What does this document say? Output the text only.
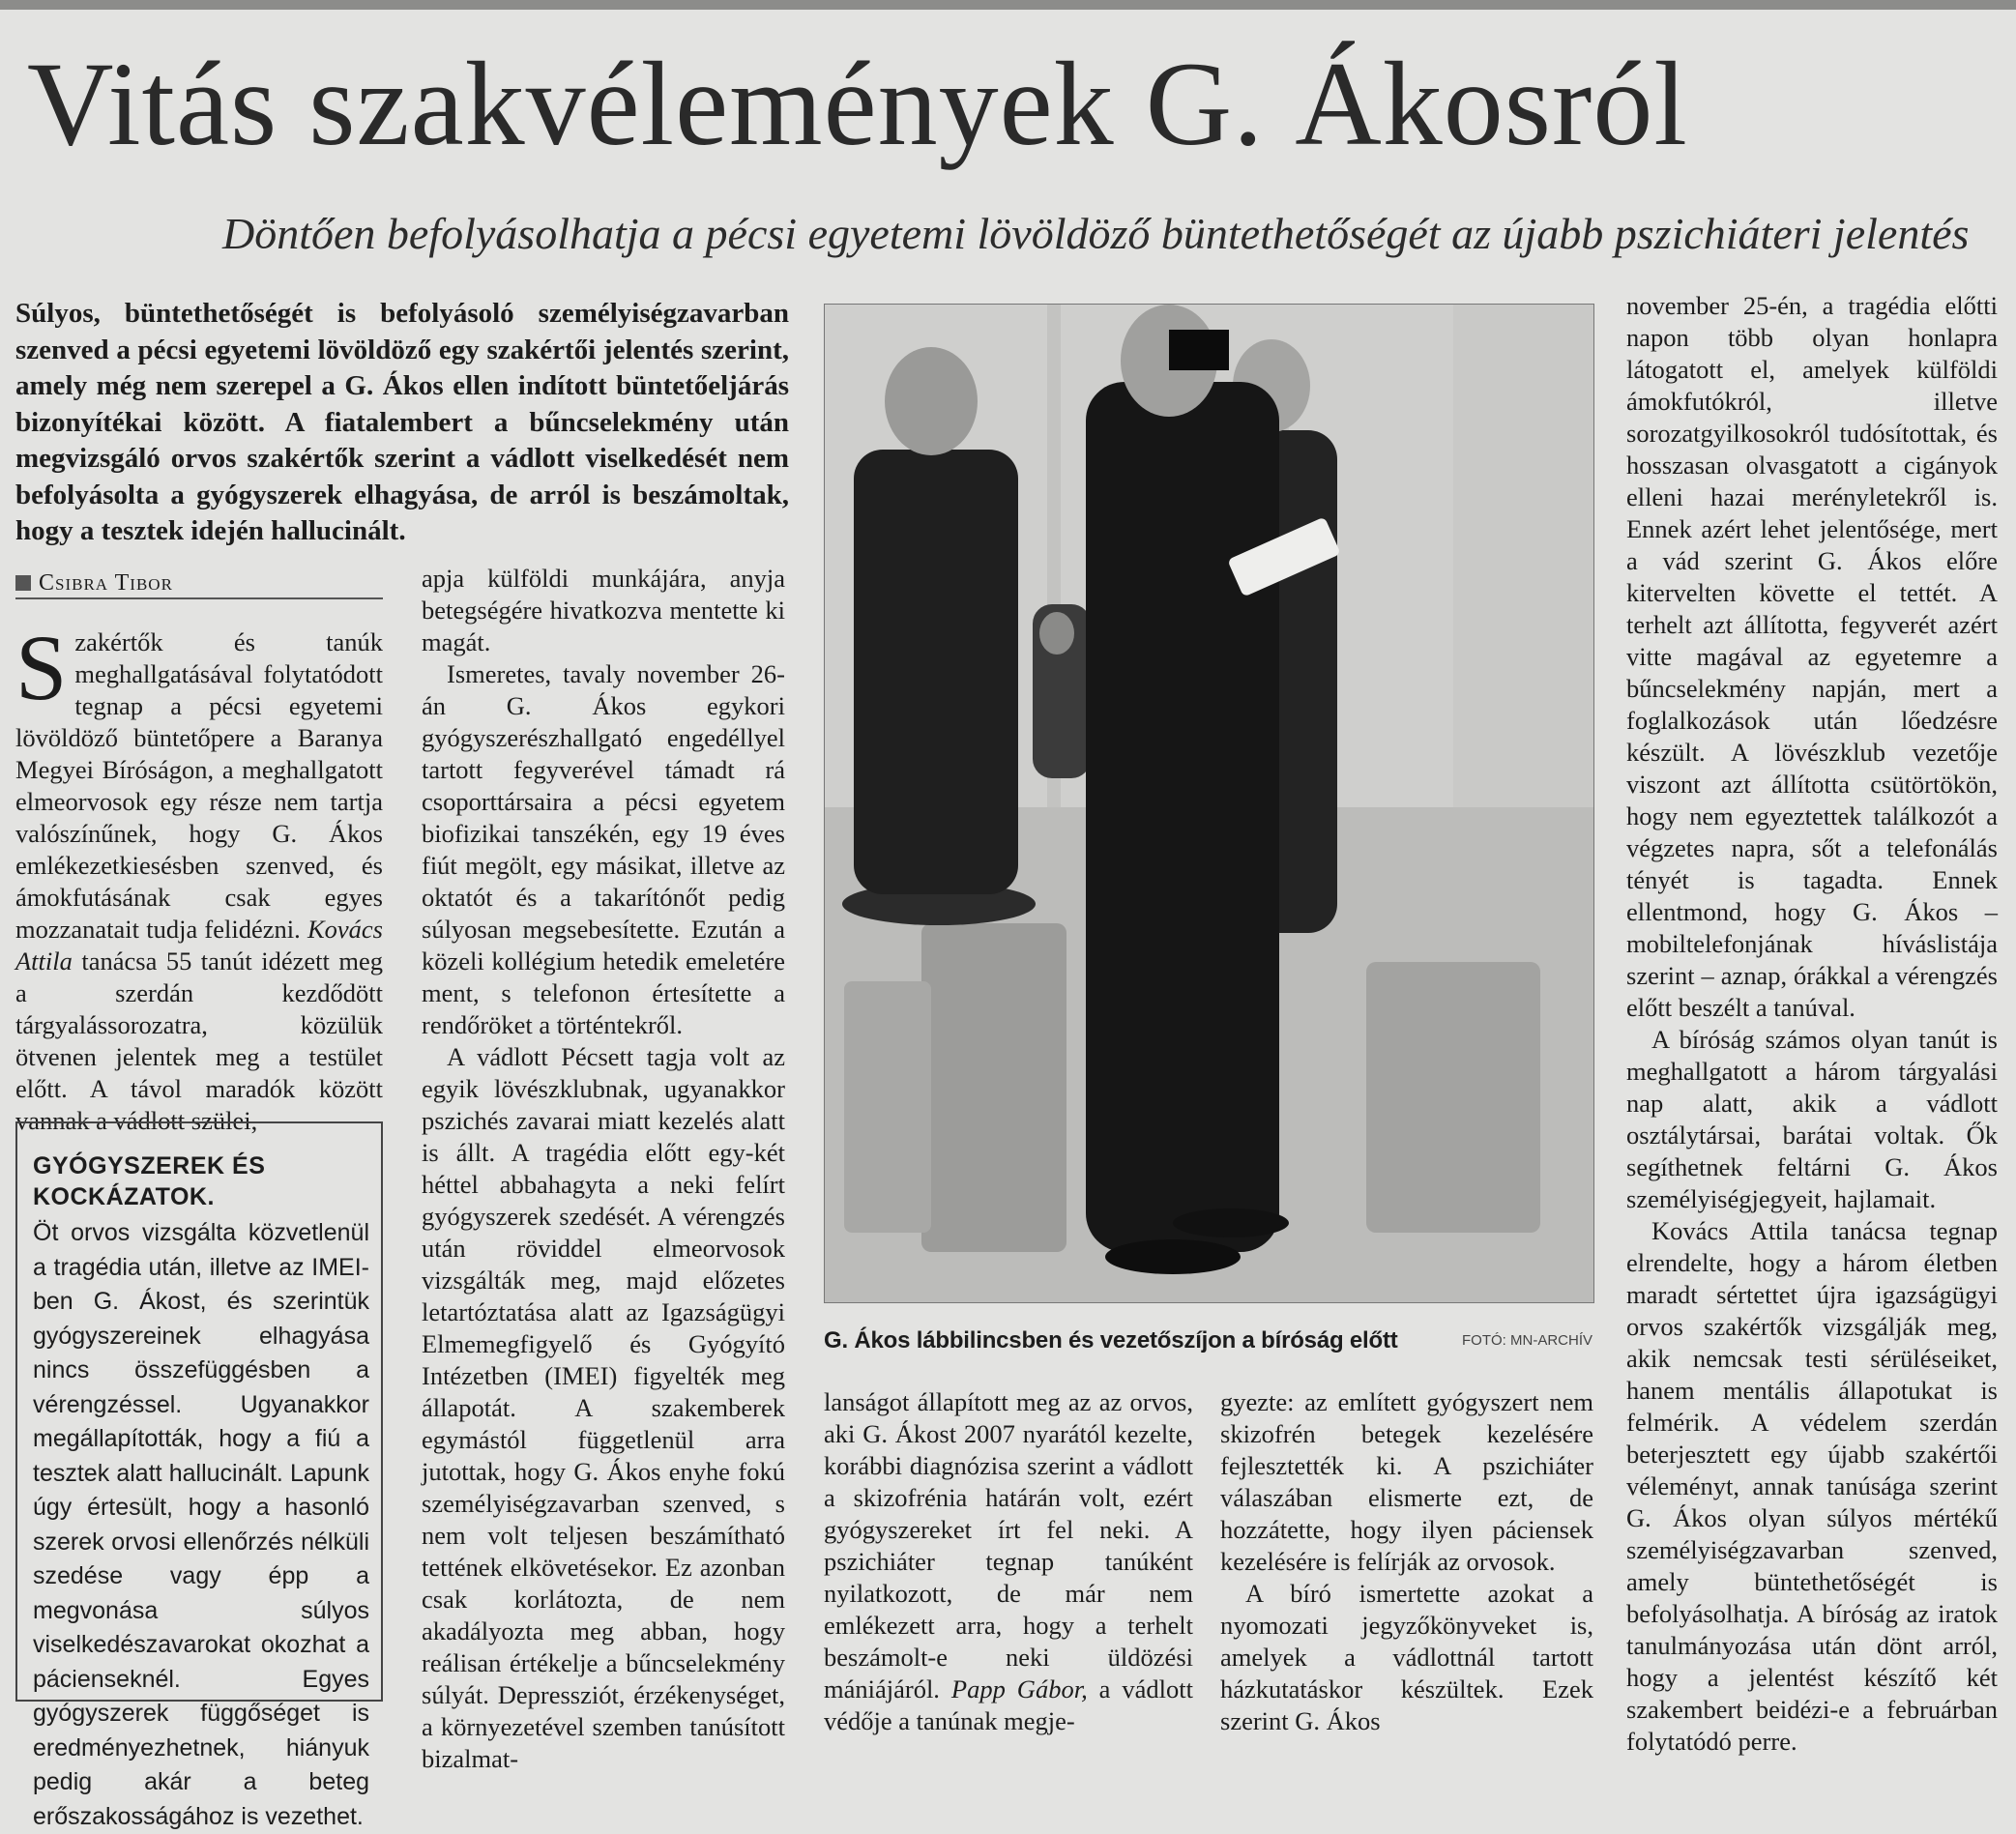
Vitás szakvélemények G. Ákosról
Döntően befolyásolhatja a pécsi egyetemi lövöldöző büntethetőségét az újabb pszichiáteri jelentés
Súlyos, büntethetőségét is befolyásoló személyiségzavarban szenved a pécsi egyetemi lövöldöző egy szakértői jelentés szerint, amely még nem szerepel a G. Ákos ellen indított büntetőeljárás bizonyítékai között. A fiatalembert a bűncselekmény után megvizsgáló orvos szakértők szerint a vádlott viselkedését nem befolyásolta a gyógyszerek elhagyása, de arról is beszámoltak, hogy a tesztek idején hallucinált.
Csibra Tibor

Szakértők és tanúk meghallgatásával folytatódott tegnap a pécsi egyetemi lövöldöző büntetőpere a Baranya Megyei Bíróságon, a meghallgatott elmeorvosok egy része nem tartja valószínűnek, hogy G. Ákos emlékezetkiesésben szenved, és ámokfutásának csak egyes mozzanatait tudja felidézni. Kovács Attila tanácsa 55 tanút idézett meg a szerdán kezdődött tárgyalássorozatra, közülük ötvenen jelentek meg a testület előtt. A távol maradók között vannak a vádlott szülei,

GYÓGYSZEREK ÉS KOCKÁZATOK.
Öt orvos vizsgálta közvetlenül a tragédia után, illetve az IMEI-ben G. Ákost, és szerintük gyógyszereinek elhagyása nincs összefüggésben a vérengzéssel. Ugyanakkor megállapították, hogy a fiú a tesztek alatt hallucinált. Lapunk úgy értesült, hogy a hasonló szerek orvosi ellenőrzés nélküli szedése vagy épp a megvonása súlyos viselkedészavarokat okozhat a pácienseknél. Egyes gyógyszerek függőséget is eredményezhetnek, hiányuk pedig akár a beteg erőszakosságához is vezethet.

apja külföldi munkájára, anyja betegségére hivatkozva mentette ki magát.

Ismeretes, tavaly november 26-án G. Ákos egykori gyógyszerészhallgató engedéllyel tartott fegyverével támadt rá csoporttársaira a pécsi egyetem biofizikai tanszékén, egy 19 éves fiút megölt, egy másikat, illetve az oktatót és a takarítónőt pedig súlyosan megsebesítette. Ezután a közeli kollégium hetedik emeletére ment, s telefonon értesítette a rendőröket a történtekről.

A vádlott Pécsett tagja volt az egyik lövészklubnak, ugyanakkor pszichés zavarai miatt kezelés alatt is állt. A tragédia előtt egy-két héttel abbahagyta a neki felírt gyógyszerek szedését. A vérengzés után röviddel elmeorvosok vizsgálták meg, majd előzetes letartóztatása alatt az Igazságügyi Elmemegfigyelő és Gyógyító Intézetben (IMEI) figyelték meg állapotát. A szakemberek egymástól függetlenül arra jutottak, hogy G. Ákos enyhe fokú személyiségzavarban szenved, s nem volt teljesen beszámítható tettének elkövetésekor. Ez azonban csak korlátozta, de nem akadályozta meg abban, hogy reálisan értékelje a bűncselekmény súlyát. Depressziót, érzékenységet, a környezetével szemben tanúsított bizalmat-

G. Ákos lábbilincsben és vezetőszíjon a bíróság előtt	FOTÓ: MN-ARCHÍV

lanságot állapított meg az az orvos, aki G. Ákost 2007 nyarától kezelte, korábbi diagnózisa szerint a vádlott a skizofrénia határán volt, ezért gyógyszereket írt fel neki. A pszichiáter tegnap tanúként nyilatkozott, de már nem emlékezett arra, hogy a terhelt beszámolt-e neki üldözési mániájáról. Papp Gábor, a vádlott védője a tanúnak megje-

gyezte: az említett gyógyszert nem skizofrén betegek kezelésére fejlesztették ki. A pszichiáter válaszában elismerte ezt, de hozzátette, hogy ilyen páciensek kezelésére is felírják az orvosok.

A bíró ismertette azokat a nyomozati jegyzőkönyveket is, amelyek a vádlottnál tartott házkutatáskor készültek. Ezek szerint G. Ákos

november 25-én, a tragédia előtti napon több olyan honlapra látogatott el, amelyek külföldi ámokfutókról, illetve sorozatgyilkosokról tudósítottak, és hosszasan olvasgatott a cigányok elleni hazai merényletekről is. Ennek azért lehet jelentősége, mert a vád szerint G. Ákos előre kitervelten követte el tettét. A terhelt azt állította, fegyverét azért vitte magával az egyetemre a bűncselekmény napján, mert a foglalkozások után lőedzésre készült. A lövészklub vezetője viszont azt állította csütörtökön, hogy nem egyeztettek találkozót a végzetes napra, sőt a telefonálás tényét is tagadta. Ennek ellentmond, hogy G. Ákos – mobiltelefonjának híváslistája szerint – aznap, órákkal a vérengzés előtt beszélt a tanúval.

A bíróság számos olyan tanút is meghallgatott a három tárgyalási nap alatt, akik a vádlott osztálytársai, barátai voltak. Ők segíthetnek feltárni G. Ákos személyiségjegyeit, hajlamait.

Kovács Attila tanácsa tegnap elrendelte, hogy a három életben maradt sértettet újra igazságügyi orvos szakértők vizsgálják meg, akik nemcsak testi sérüléseiket, hanem mentális állapotukat is felmérik. A védelem szerdán beterjesztett egy újabb szakértői véleményt, annak tanúsága szerint G. Ákos olyan súlyos mértékű személyiségzavarban szenved, amely büntethetőségét is befolyásolhatja. A bíróság az iratok tanulmányozása után dönt arról, hogy a jelentést készítő két szakembert beidézi-e a februárban folytatódó perre.
